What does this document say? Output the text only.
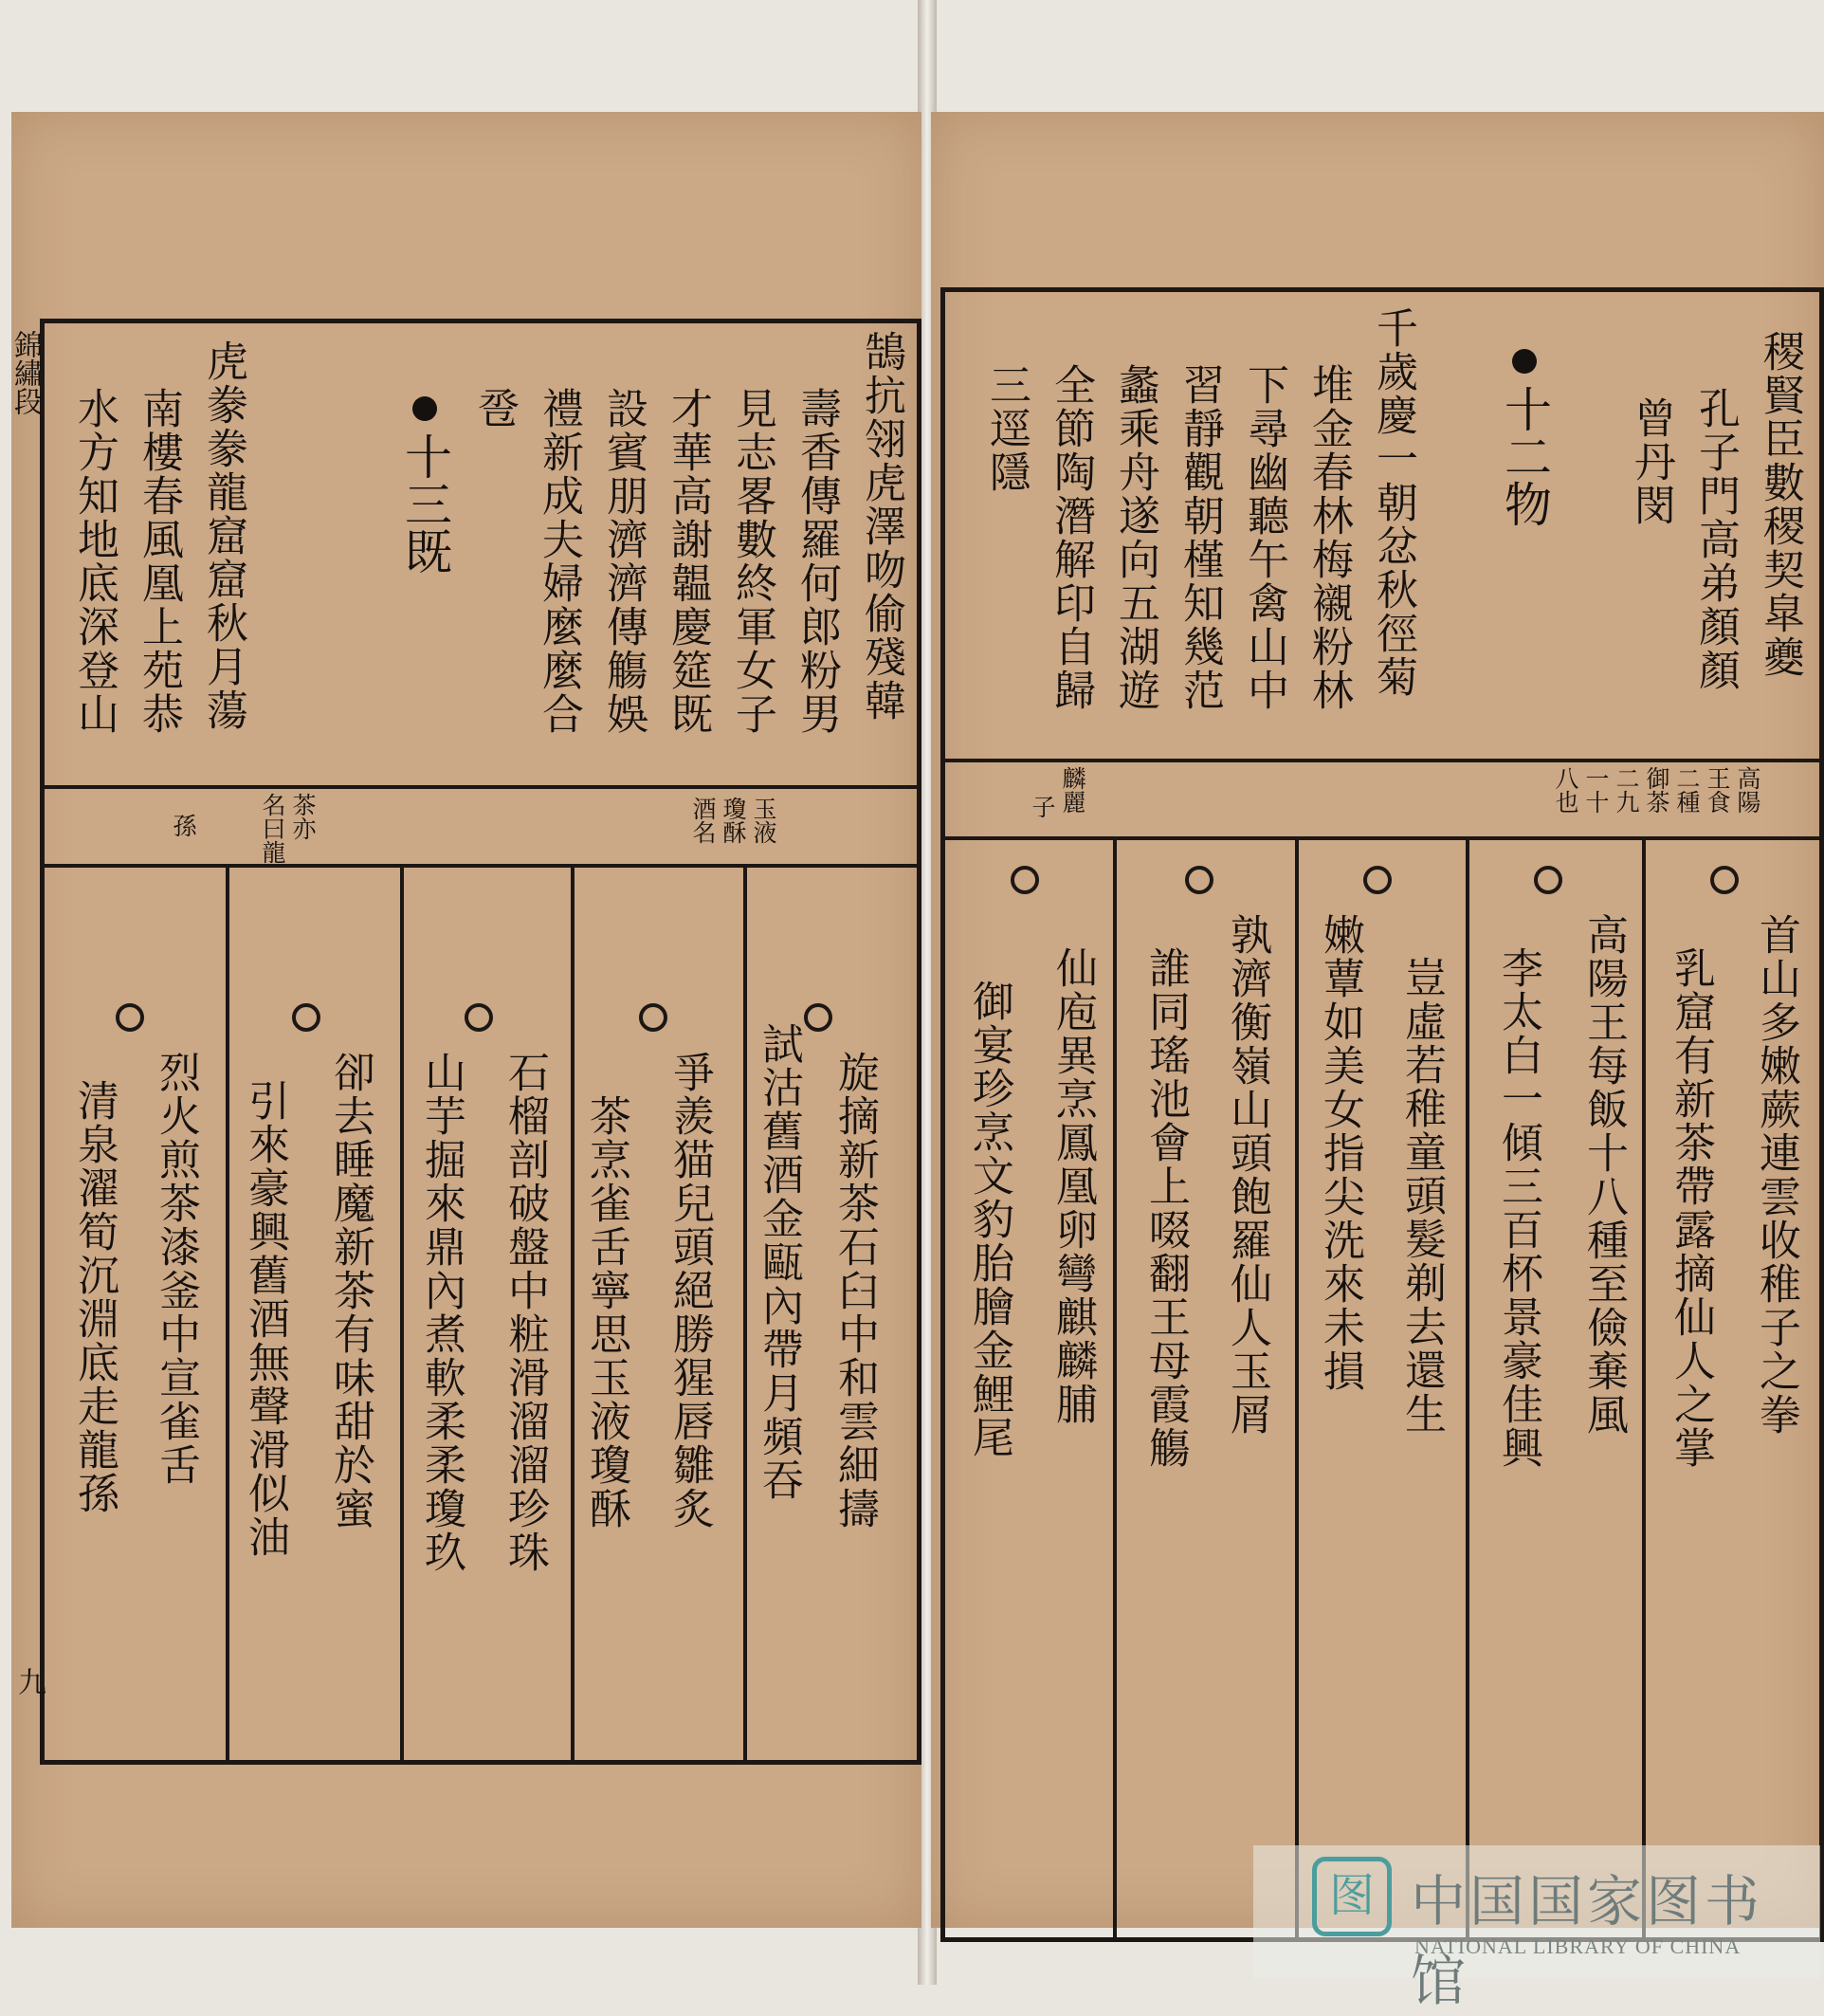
錦繡段	鵠抗翎虎澤吻偷殘韓
壽香傳羅何郎粉男
見志畧數終軍女子
才華高謝韞慶筵既
設賓朋濟濟傳觴娛
禮新成夫婦麼麼合
卺
十三既
虎豢豢龍窟窟秋月蕩
南樓春風凰上苑恭
水方知地底深登山
玉液
瓊酥
酒名
茶亦
名曰龍
孫
旋摘新茶石臼中和雲細擣
試沽舊酒金甌內帶月頻吞
爭羨猫兒頭絕勝猩唇雛炙
茶烹雀舌寧思玉液瓊酥
石榴剖破盤中粧滑溜溜珍珠
山芋掘來鼎內煮軟柔柔瓊玖
卻去睡魔新茶有味甜於蜜
引來豪興舊酒無聲滑似油
烈火煎茶漆釜中宣雀舌
清泉濯筍沉淵底走龍孫
九
稷賢臣數稷契皐夔
孔子門高弟顏顏
曾丹閔
十二物
千歲慶一朝忿秋徑菊
堆金春林梅襯粉林
下尋幽聽午禽山中
習靜觀朝槿知幾范
蠡乘舟遂向五湖遊
全節陶潛解印自歸
三逕隱
高陽
王食
二種
御茶
二九
一十
八也
麟麗
子
首山多嫩蕨連雲收稚子之拳
乳窟有新茶帶露摘仙人之掌
高陽王每飯十八種至儉棄風
李太白一傾三百杯景豪佳興
豈虛若稚童頭髮剃去還生
嫩蕈如美女指尖洗來未損
孰濟衡嶺山頭飽羅仙人玉屑
誰同瑤池會上啜翻王母霞觴
仙庖異烹鳳凰卵彎麒麟脯
御宴珍烹文豹胎膾金鯉尾
图 中国国家图书馆
NATIONAL LIBRARY OF CHINA
